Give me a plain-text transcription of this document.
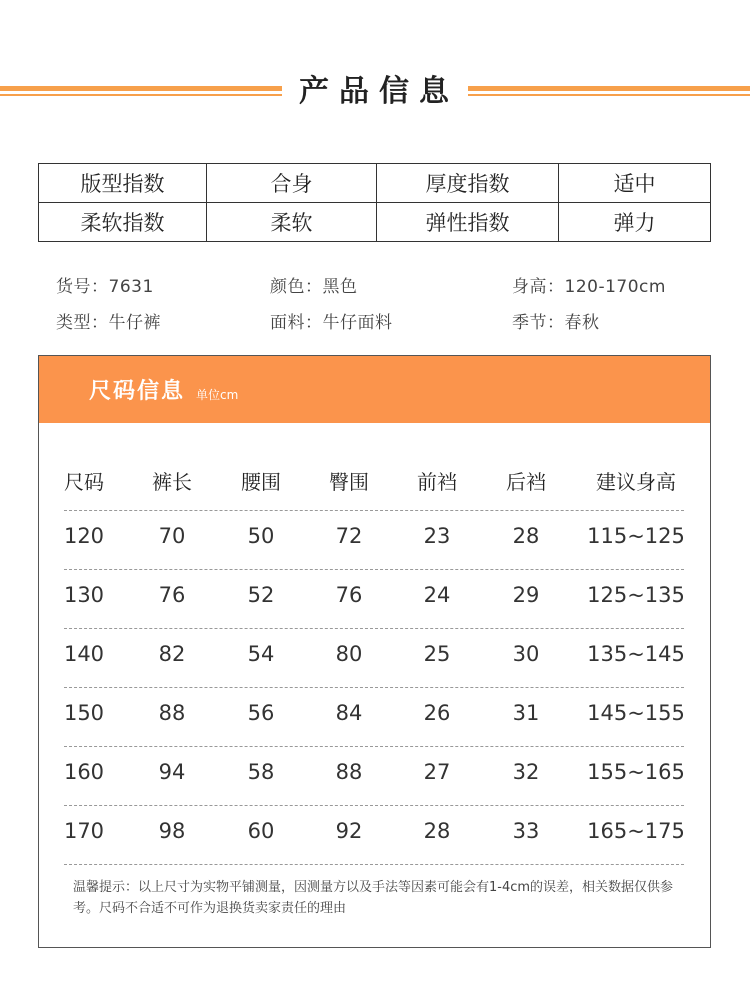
产品信息
版型指数	合身	厚度指数	适中
柔软指数	柔软	弹性指数	弹力
货号：7631	颜色：黑色	身高：120-170cm
类型：牛仔裤	面料：牛仔面料	季节：春秋
尺码信息 单位cm
尺码 裤长 腰围 臀围 前裆 后裆	建议身高
120	70	50	72	23	28 115~125
130	76	52	76	24	29 125~135
140	82	54	80	25	30 135~145
150	88	56	84	26	31 145~155
160	94	58	88	27	32 155~165
170	98	60	92	28	33 165~175
温馨提示：以上尺寸为实物平铺测量，因测量方以及手法等因素可能会有1-4cm的误差，相关数据仅供参考。尺码不合适不可作为退换货卖家责任的理由
